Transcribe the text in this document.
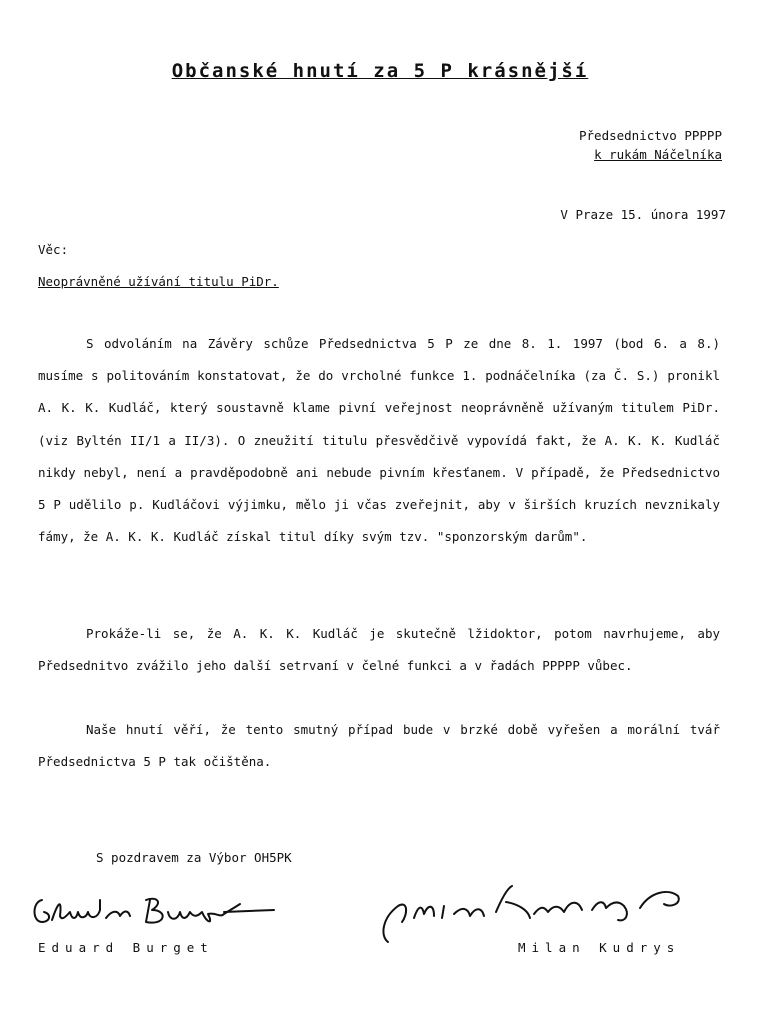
Občanské hnutí za 5 P krásnější
Předsednictvo PPPPP
k rukám Náčelníka
V Praze 15. února 1997
Věc:
Neoprávněné užívání titulu PiDr.
S odvoláním na Závěry schůze Předsednictva 5 P ze dne 8. 1. 1997 (bod 6. a 8.) musíme s politováním konstatovat, že do vrcholné funkce 1. podnáčelníka (za Č. S.) pronikl A. K. K. Kudláč, který soustavně klame pivní veřejnost neoprávněně užívaným titulem PiDr. (viz Byltén II/1 a II/3). O zneužití titulu přesvědčivě vypovídá fakt, že A. K. K. Kudláč nikdy nebyl, není a pravděpodobně ani nebude pivním křesťanem. V případě, že Předsednictvo 5 P udělilo p. Kudláčovi výjimku, mělo ji včas zveřejnit, aby v širších kruzích nevznikaly fámy, že A. K. K. Kudláč získal titul díky svým tzv. "sponzorským darům".
Prokáže-li se, že A. K. K. Kudláč je skutečně lžidoktor, potom navrhujeme, aby Předsednitvo zvážilo jeho další setrvaní v čelné funkci a v řadách PPPPP vůbec.
Naše hnutí věří, že tento smutný případ bude v brzké době vyřešen a morální tvář Předsednictva 5 P tak očištěna.
S pozdravem za Výbor OH5PK
Eduard Burget	Milan Kudrys
